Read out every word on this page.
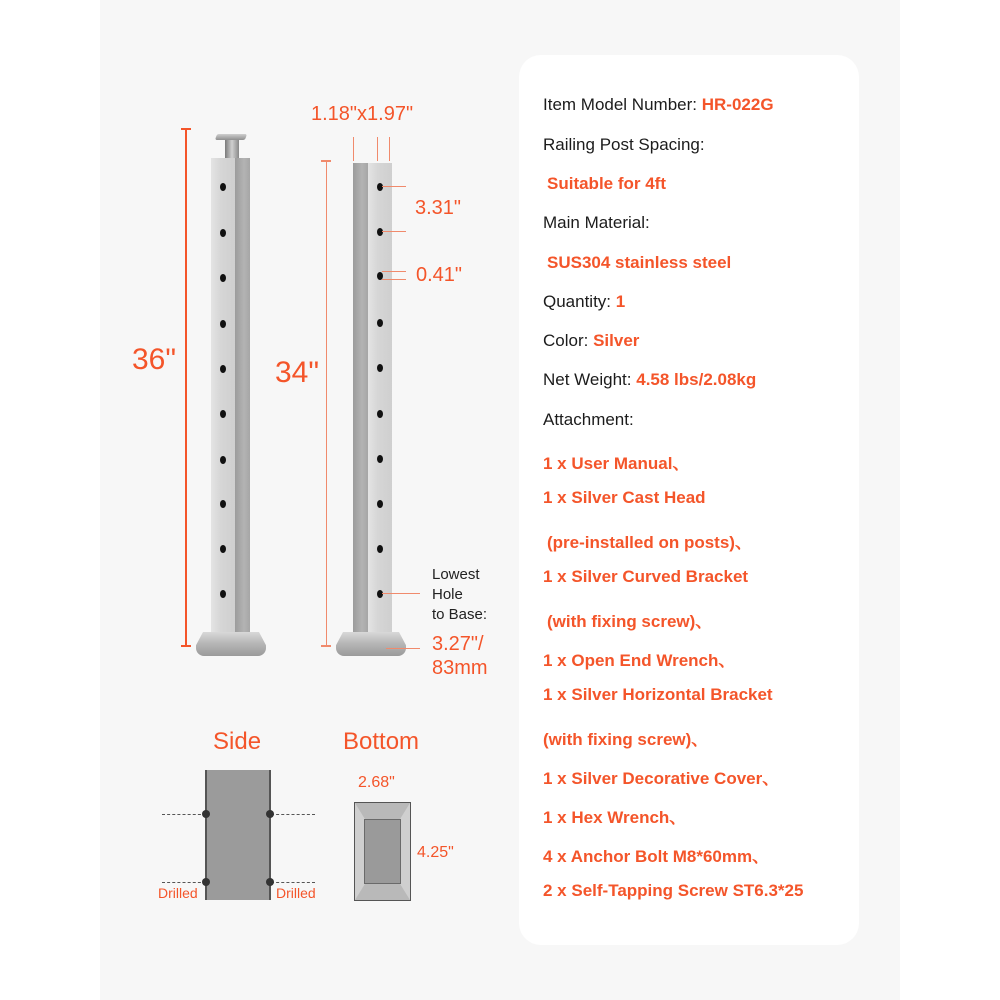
36"
1.18"x1.97"
34"
3.31"
0.41"
Lowest
Hole
to Base:
3.27"/
83mm
Side
Drilled	Drilled
Bottom
2.68"
4.25"
Item Model Number: HR-022G
Railing Post Spacing:
Suitable for 4ft
Main Material:
SUS304 stainless steel
Quantity: 1
Color: Silver
Net Weight: 4.58 lbs/2.08kg
Attachment:
1 x User Manual、
1 x Silver Cast Head
(pre-installed on posts)、
1 x Silver Curved Bracket
(with fixing screw)、
1 x Open End Wrench、
1 x Silver Horizontal Bracket
(with fixing screw)、
1 x Silver Decorative Cover、
1 x Hex Wrench、
4 x Anchor Bolt M8*60mm、
2 x Self-Tapping Screw ST6.3*25
